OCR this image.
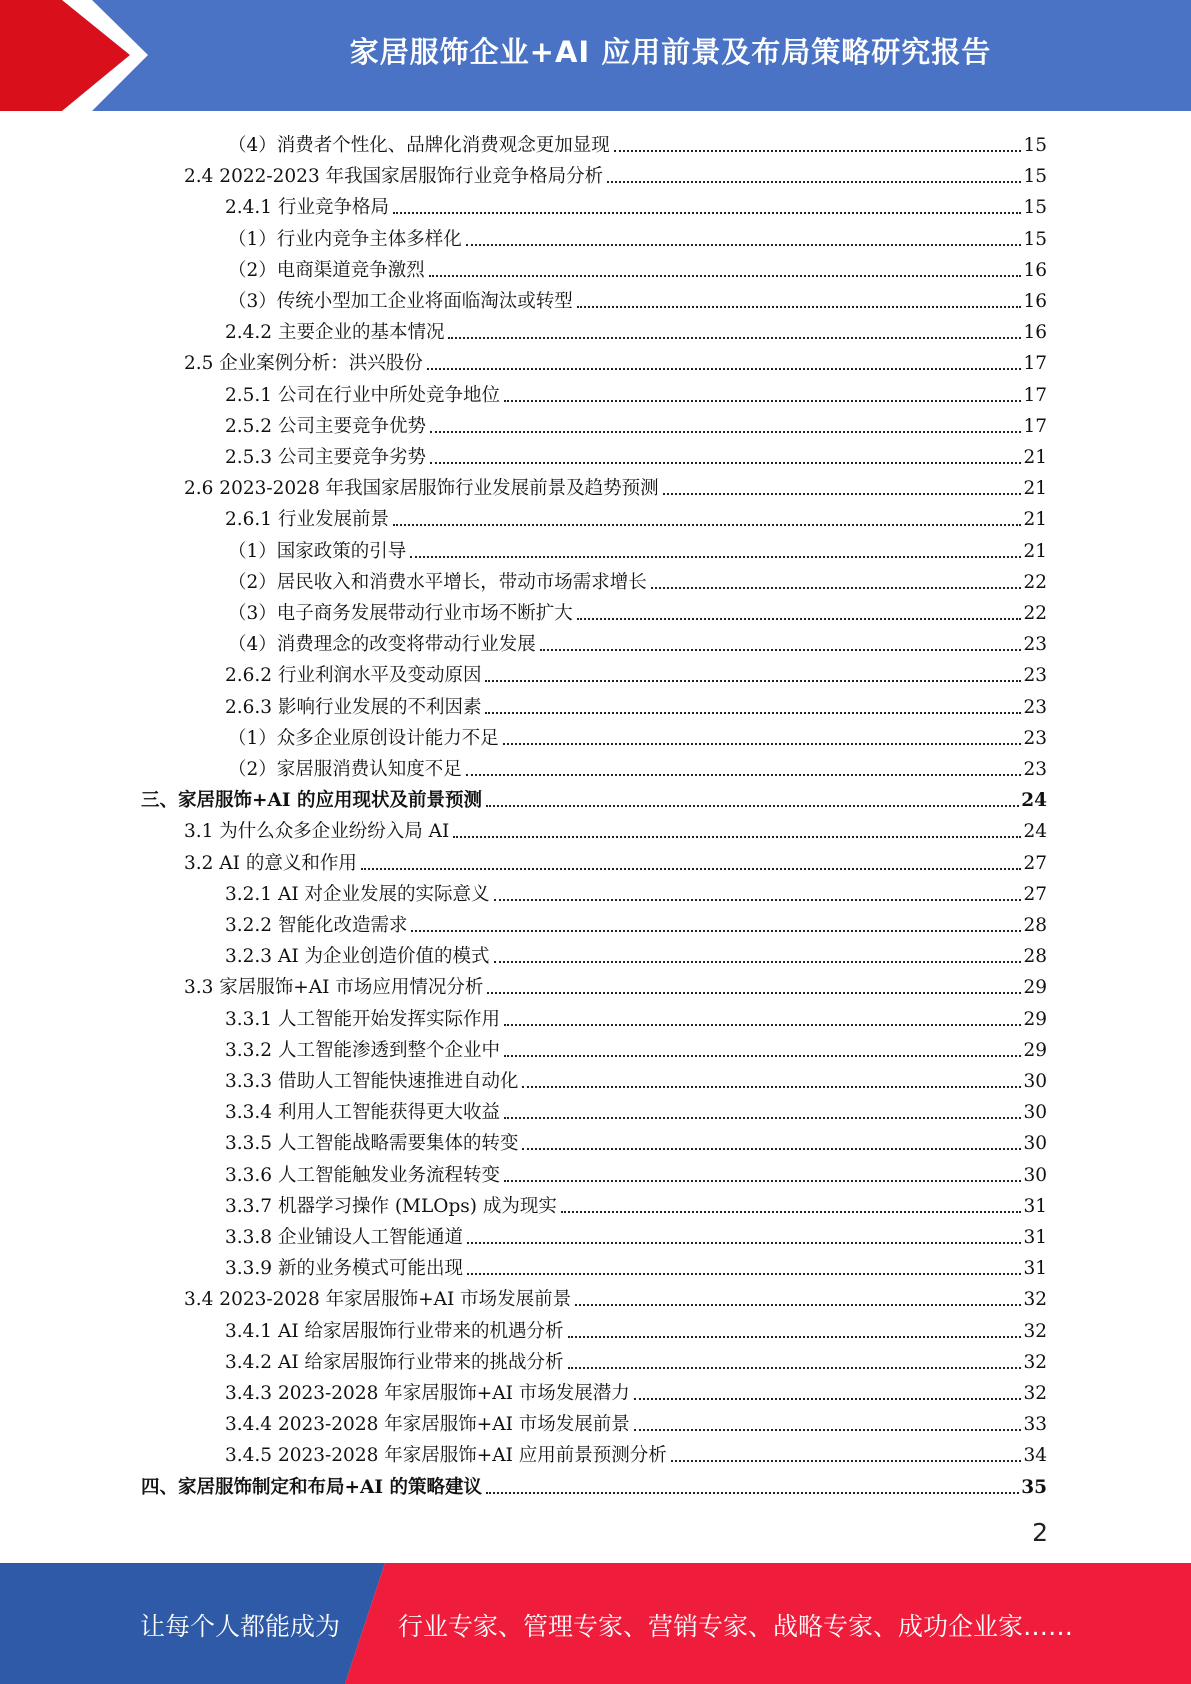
家居服饰企业+AI 应用前景及布局策略研究报告
（4）消费者个性化、品牌化消费观念更加显现	15
2.4 2022-2023 年我国家居服饰行业竞争格局分析	15
2.4.1 行业竞争格局	15
（1）行业内竞争主体多样化	15
（2）电商渠道竞争激烈	16
（3）传统小型加工企业将面临淘汰或转型	16
2.4.2 主要企业的基本情况	16
2.5 企业案例分析：洪兴股份	17
2.5.1 公司在行业中所处竞争地位	17
2.5.2 公司主要竞争优势	17
2.5.3 公司主要竞争劣势	21
2.6 2023-2028 年我国家居服饰行业发展前景及趋势预测	21
2.6.1 行业发展前景	21
（1）国家政策的引导	21
（2）居民收入和消费水平增长，带动市场需求增长	22
（3）电子商务发展带动行业市场不断扩大	22
（4）消费理念的改变将带动行业发展	23
2.6.2 行业利润水平及变动原因	23
2.6.3 影响行业发展的不利因素	23
（1）众多企业原创设计能力不足	23
（2）家居服消费认知度不足	23
三、家居服饰+AI 的应用现状及前景预测	24
3.1 为什么众多企业纷纷入局 AI	24
3.2 AI 的意义和作用	27
3.2.1 AI 对企业发展的实际意义	27
3.2.2 智能化改造需求	28
3.2.3 AI 为企业创造价值的模式	28
3.3 家居服饰+AI 市场应用情况分析	29
3.3.1 人工智能开始发挥实际作用	29
3.3.2 人工智能渗透到整个企业中	29
3.3.3 借助人工智能快速推进自动化	30
3.3.4 利用人工智能获得更大收益	30
3.3.5 人工智能战略需要集体的转变	30
3.3.6 人工智能触发业务流程转变	30
3.3.7 机器学习操作 (MLOps) 成为现实	31
3.3.8 企业铺设人工智能通道	31
3.3.9 新的业务模式可能出现	31
3.4 2023-2028 年家居服饰+AI 市场发展前景	32
3.4.1 AI 给家居服饰行业带来的机遇分析	32
3.4.2 AI 给家居服饰行业带来的挑战分析	32
3.4.3 2023-2028 年家居服饰+AI 市场发展潜力	32
3.4.4 2023-2028 年家居服饰+AI 市场发展前景	33
3.4.5 2023-2028 年家居服饰+AI 应用前景预测分析	34
四、家居服饰制定和布局+AI 的策略建议	35
2
让每个人都能成为 行业专家、管理专家、营销专家、战略专家、成功企业家……
